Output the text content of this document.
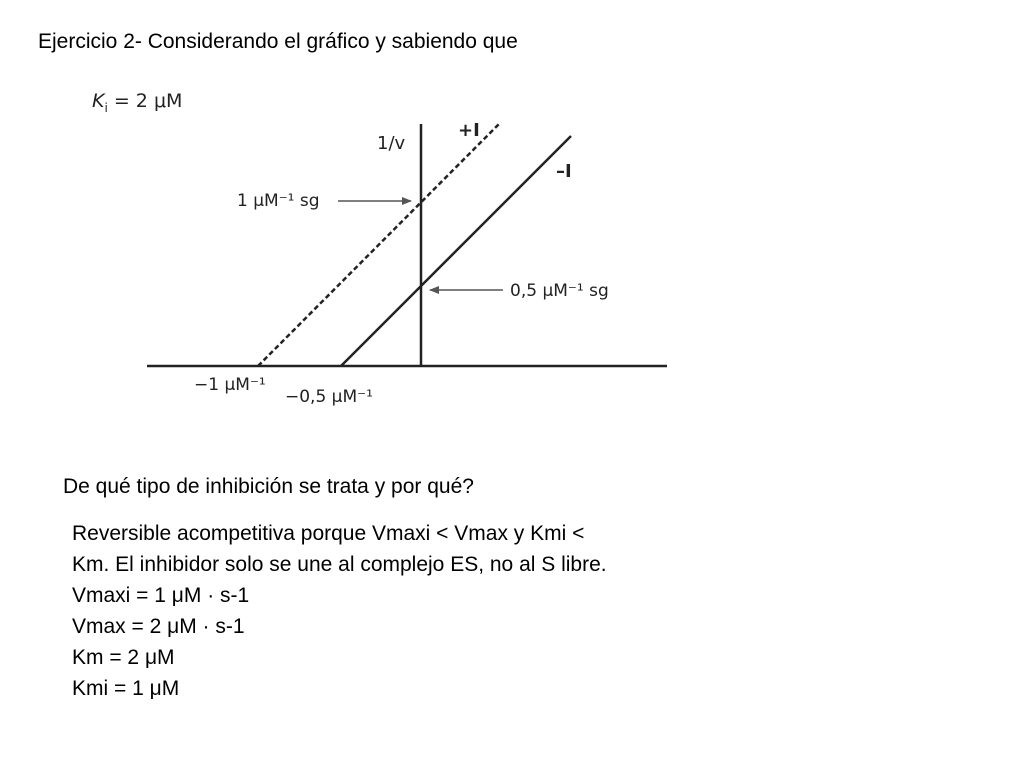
Ejercicio 2- Considerando el gráfico y sabiendo que
$K_i = 2$ μM
1/v
+I
–I
1 μM⁻¹ sg
0,5 μM⁻¹ sg
−1 μM⁻¹
−0,5 μM⁻¹
De qué tipo de inhibición se trata y por qué?
Reversible acompetitiva porque Vmaxi < Vmax y Kmi <
Km. El inhibidor solo se une al complejo ES, no al S libre.
Vmaxi = 1 μM · s-1
Vmax = 2 μM · s-1
Km = 2 μM
Kmi = 1 μM
